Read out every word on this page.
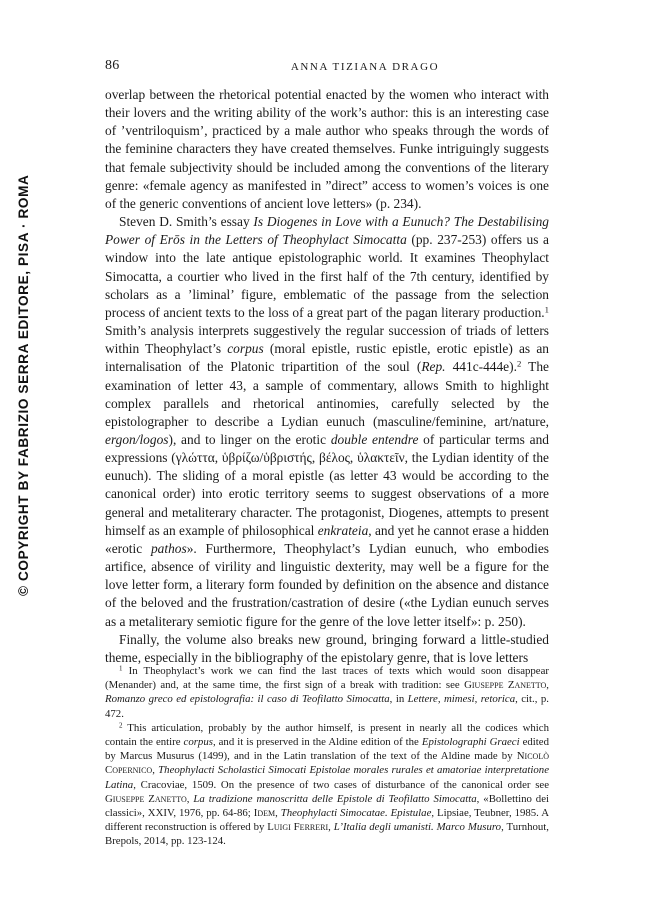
86	ANNA TIZIANA DRAGO
© COPYRIGHT BY FABRIZIO SERRA EDITORE, PISA · ROMA

overlap between the rhetorical potential enacted by the women who interact with their lovers and the writing ability of the work’s author: this is an interesting case of ’ventriloquism’, practiced by a male author who speaks through the words of the feminine characters they have created themselves. Funke intriguingly suggests that female subjectivity should be included among the conventions of the literary genre: «female agency as manifested in ”direct” access to women’s voices is one of the generic conventions of ancient love letters» (p. 234).

Steven D. Smith’s essay Is Diogenes in Love with a Eunuch? The Destabilising Power of Erōs in the Letters of Theophylact Simocatta (pp. 237-253) offers us a window into the late antique epistolographic world. It examines Theophylact Simocatta, a courtier who lived in the first half of the 7th century, identified by scholars as a ’liminal’ figure, emblematic of the passage from the selection process of ancient texts to the loss of a great part of the pagan literary production.$^1$ Smith’s analysis interprets suggestively the regular succession of triads of letters within Theophylact’s corpus (moral epistle, rustic epistle, erotic epistle) as an internalisation of the Platonic tripartition of the soul (Rep. 441c-444e).$^2$ The examination of letter 43, a sample of commentary, allows Smith to highlight complex parallels and rhetorical antinomies, carefully selected by the epistolographer to describe a Lydian eunuch (masculine/feminine, art/nature, ergon/logos), and to linger on the erotic double entendre of particular terms and expressions (γλώττα, ὑβρίζω/ὑβριστής, βέλος, ὑλακτεῖν, the Lydian identity of the eunuch). The sliding of a moral epistle (as letter 43 would be according to the canonical order) into erotic territory seems to suggest observations of a more general and metaliterary character. The protagonist, Diogenes, attempts to present himself as an example of philosophical enkrateia, and yet he cannot erase a hidden «erotic pathos». Furthermore, Theophylact’s Lydian eunuch, who embodies artifice, absence of virility and linguistic dexterity, may well be a figure for the love letter form, a literary form founded by definition on the absence and distance of the beloved and the frustration/castration of desire («the Lydian eunuch serves as a metaliterary semiotic figure for the genre of the love letter itself»: p. 250).

Finally, the volume also breaks new ground, bringing forward a little-studied theme, especially in the bibliography of the epistolary genre, that is love letters

$^1$ In Theophylact’s work we can find the last traces of texts which would soon disappear (Menander) and, at the same time, the first sign of a break with tradition: see Giuseppe Zanetto, Romanzo greco ed epistolografia: il caso di Teofilatto Simocatta, in Lettere, mimesi, retorica, cit., p. 472.

$^2$ This articulation, probably by the author himself, is present in nearly all the codices which contain the entire corpus, and it is preserved in the Aldine edition of the Epistolographi Graeci edited by Marcus Musurus (1499), and in the Latin translation of the text of the Aldine made by Nicolò Copernico, Theophylacti Scholastici Simocati Epistolae morales rurales et amatoriae interpretatione Latina, Cracoviae, 1509. On the presence of two cases of disturbance of the canonical order see Giuseppe Zanetto, La tradizione manoscritta delle Epistole di Teofilatto Simocatta, «Bollettino dei classici», XXIV, 1976, pp. 64-86; Idem, Theophylacti Simocatae. Epistulae, Lipsiae, Teubner, 1985. A different reconstruction is offered by Luigi Ferreri, L’Italia degli umanisti. Marco Musuro, Turnhout, Brepols, 2014, pp. 123-124.
